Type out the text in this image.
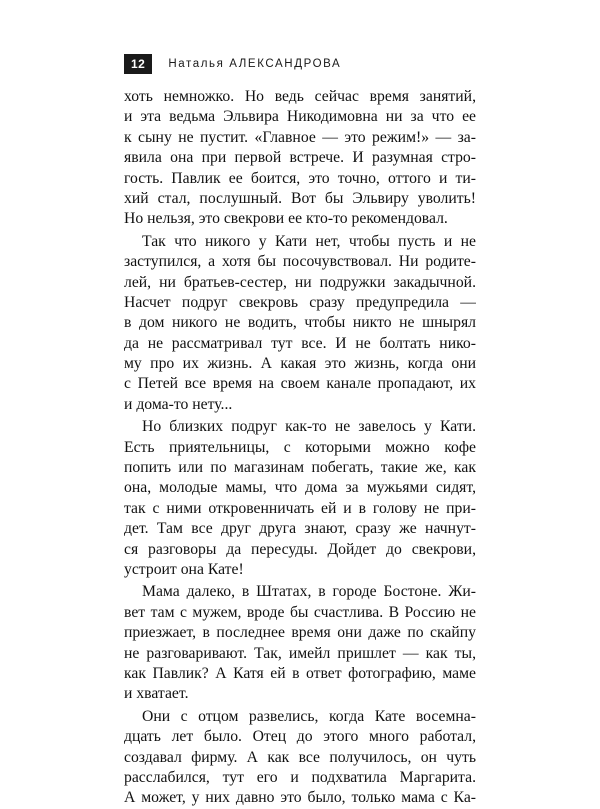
12	Наталья АЛЕКСАНДРОВА
хоть немножко. Но ведь сейчас время занятий,
и эта ведьма Эльвира Никодимовна ни за что ее
к сыну не пустит. «Главное — это режим!» — за-
явила она при первой встрече. И разумная стро-
гость. Павлик ее боится, это точно, оттого и ти-
хий стал, послушный. Вот бы Эльвиру уволить!
Но нельзя, это свекрови ее кто-то рекомендовал.
Так что никого у Кати нет, чтобы пусть и не
заступился, а хотя бы посочувствовал. Ни родите-
лей, ни братьев-сестер, ни подружки закадычной.
Насчет подруг свекровь сразу предупредила —
в дом никого не водить, чтобы никто не шнырял
да не рассматривал тут все. И не болтать нико-
му про их жизнь. А какая это жизнь, когда они
с Петей все время на своем канале пропадают, их
и дома-то нету...
Но близких подруг как-то не завелось у Кати.
Есть приятельницы, с которыми можно кофе
попить или по магазинам побегать, такие же, как
она, молодые мамы, что дома за мужьями сидят,
так с ними откровенничать ей и в голову не при-
дет. Там все друг друга знают, сразу же начнут-
ся разговоры да пересуды. Дойдет до свекрови,
устроит она Кате!
Мама далеко, в Штатах, в городе Бостоне. Жи-
вет там с мужем, вроде бы счастлива. В Россию не
приезжает, в последнее время они даже по скайпу
не разговаривают. Так, имейл пришлет — как ты,
как Павлик? А Катя ей в ответ фотографию, маме
и хватает.
Они с отцом развелись, когда Кате восемна-
дцать лет было. Отец до этого много работал,
создавал фирму. А как все получилось, он чуть
расслабился, тут его и подхватила Маргарита.
А может, у них давно это было, только мама с Ка-
